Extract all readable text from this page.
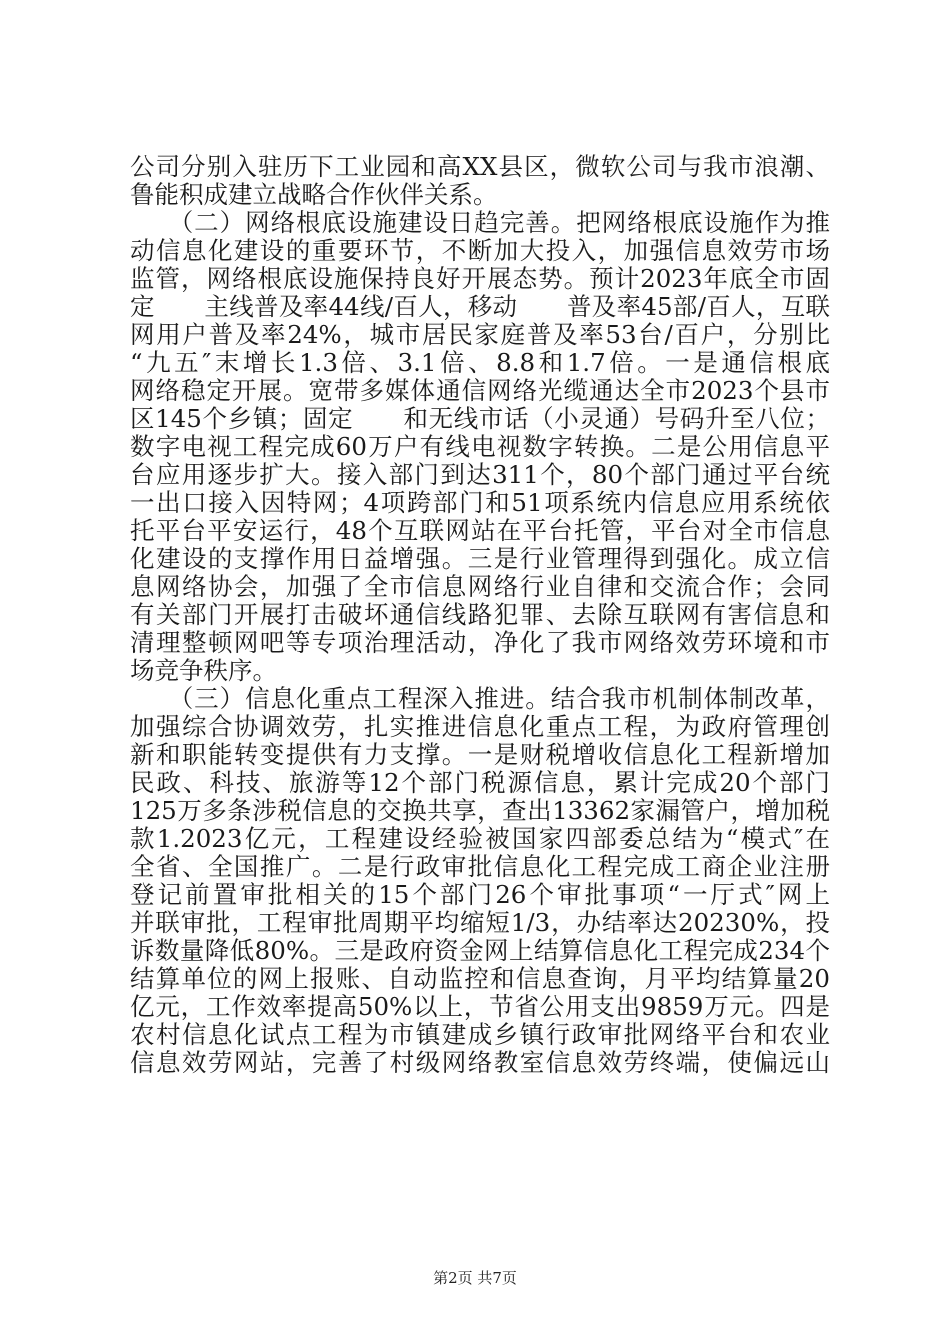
公司分别入驻历下工业园和高XX县区，微软公司与我市浪潮、
鲁能积成建立战略合作伙伴关系。
　　（二）网络根底设施建设日趋完善。把网络根底设施作为推
动信息化建设的重要环节，不断加大投入，加强信息效劳市场
监管，网络根底设施保持良好开展态势。预计2023年底全市固
定　　主线普及率44线/百人，移动　　普及率45部/百人，互联
网用户普及率24%，城市居民家庭普及率53台/百户，分别比
“九五″末增长1.3倍、3.1倍、8.8和1.7倍。一是通信根底
网络稳定开展。宽带多媒体通信网络光缆通达全市2023个县市
区145个乡镇；固定　　和无线市话（小灵通）号码升至八位；
数字电视工程完成60万户有线电视数字转换。二是公用信息平
台应用逐步扩大。接入部门到达311个，80个部门通过平台统
一出口接入因特网；4项跨部门和51项系统内信息应用系统依
托平台平安运行，48个互联网站在平台托管，平台对全市信息
化建设的支撑作用日益增强。三是行业管理得到强化。成立信
息网络协会，加强了全市信息网络行业自律和交流合作；会同
有关部门开展打击破坏通信线路犯罪、去除互联网有害信息和
清理整顿网吧等专项治理活动，净化了我市网络效劳环境和市
场竞争秩序。
　　（三）信息化重点工程深入推进。结合我市机制体制改革，
加强综合协调效劳，扎实推进信息化重点工程，为政府管理创
新和职能转变提供有力支撑。一是财税增收信息化工程新增加
民政、科技、旅游等12个部门税源信息，累计完成20个部门
125万多条涉税信息的交换共享，查出13362家漏管户，增加税
款1.2023亿元，工程建设经验被国家四部委总结为“模式″在
全省、全国推广。二是行政审批信息化工程完成工商企业注册
登记前置审批相关的15个部门26个审批事项“一厅式″网上
并联审批，工程审批周期平均缩短1/3，办结率达20230%，投
诉数量降低80%。三是政府资金网上结算信息化工程完成234个
结算单位的网上报账、自动监控和信息查询，月平均结算量20
亿元，工作效率提高50%以上，节省公用支出9859万元。四是
农村信息化试点工程为市镇建成乡镇行政审批网络平台和农业
信息效劳网站，完善了村级网络教室信息效劳终端，使偏远山
第2页 共7页
